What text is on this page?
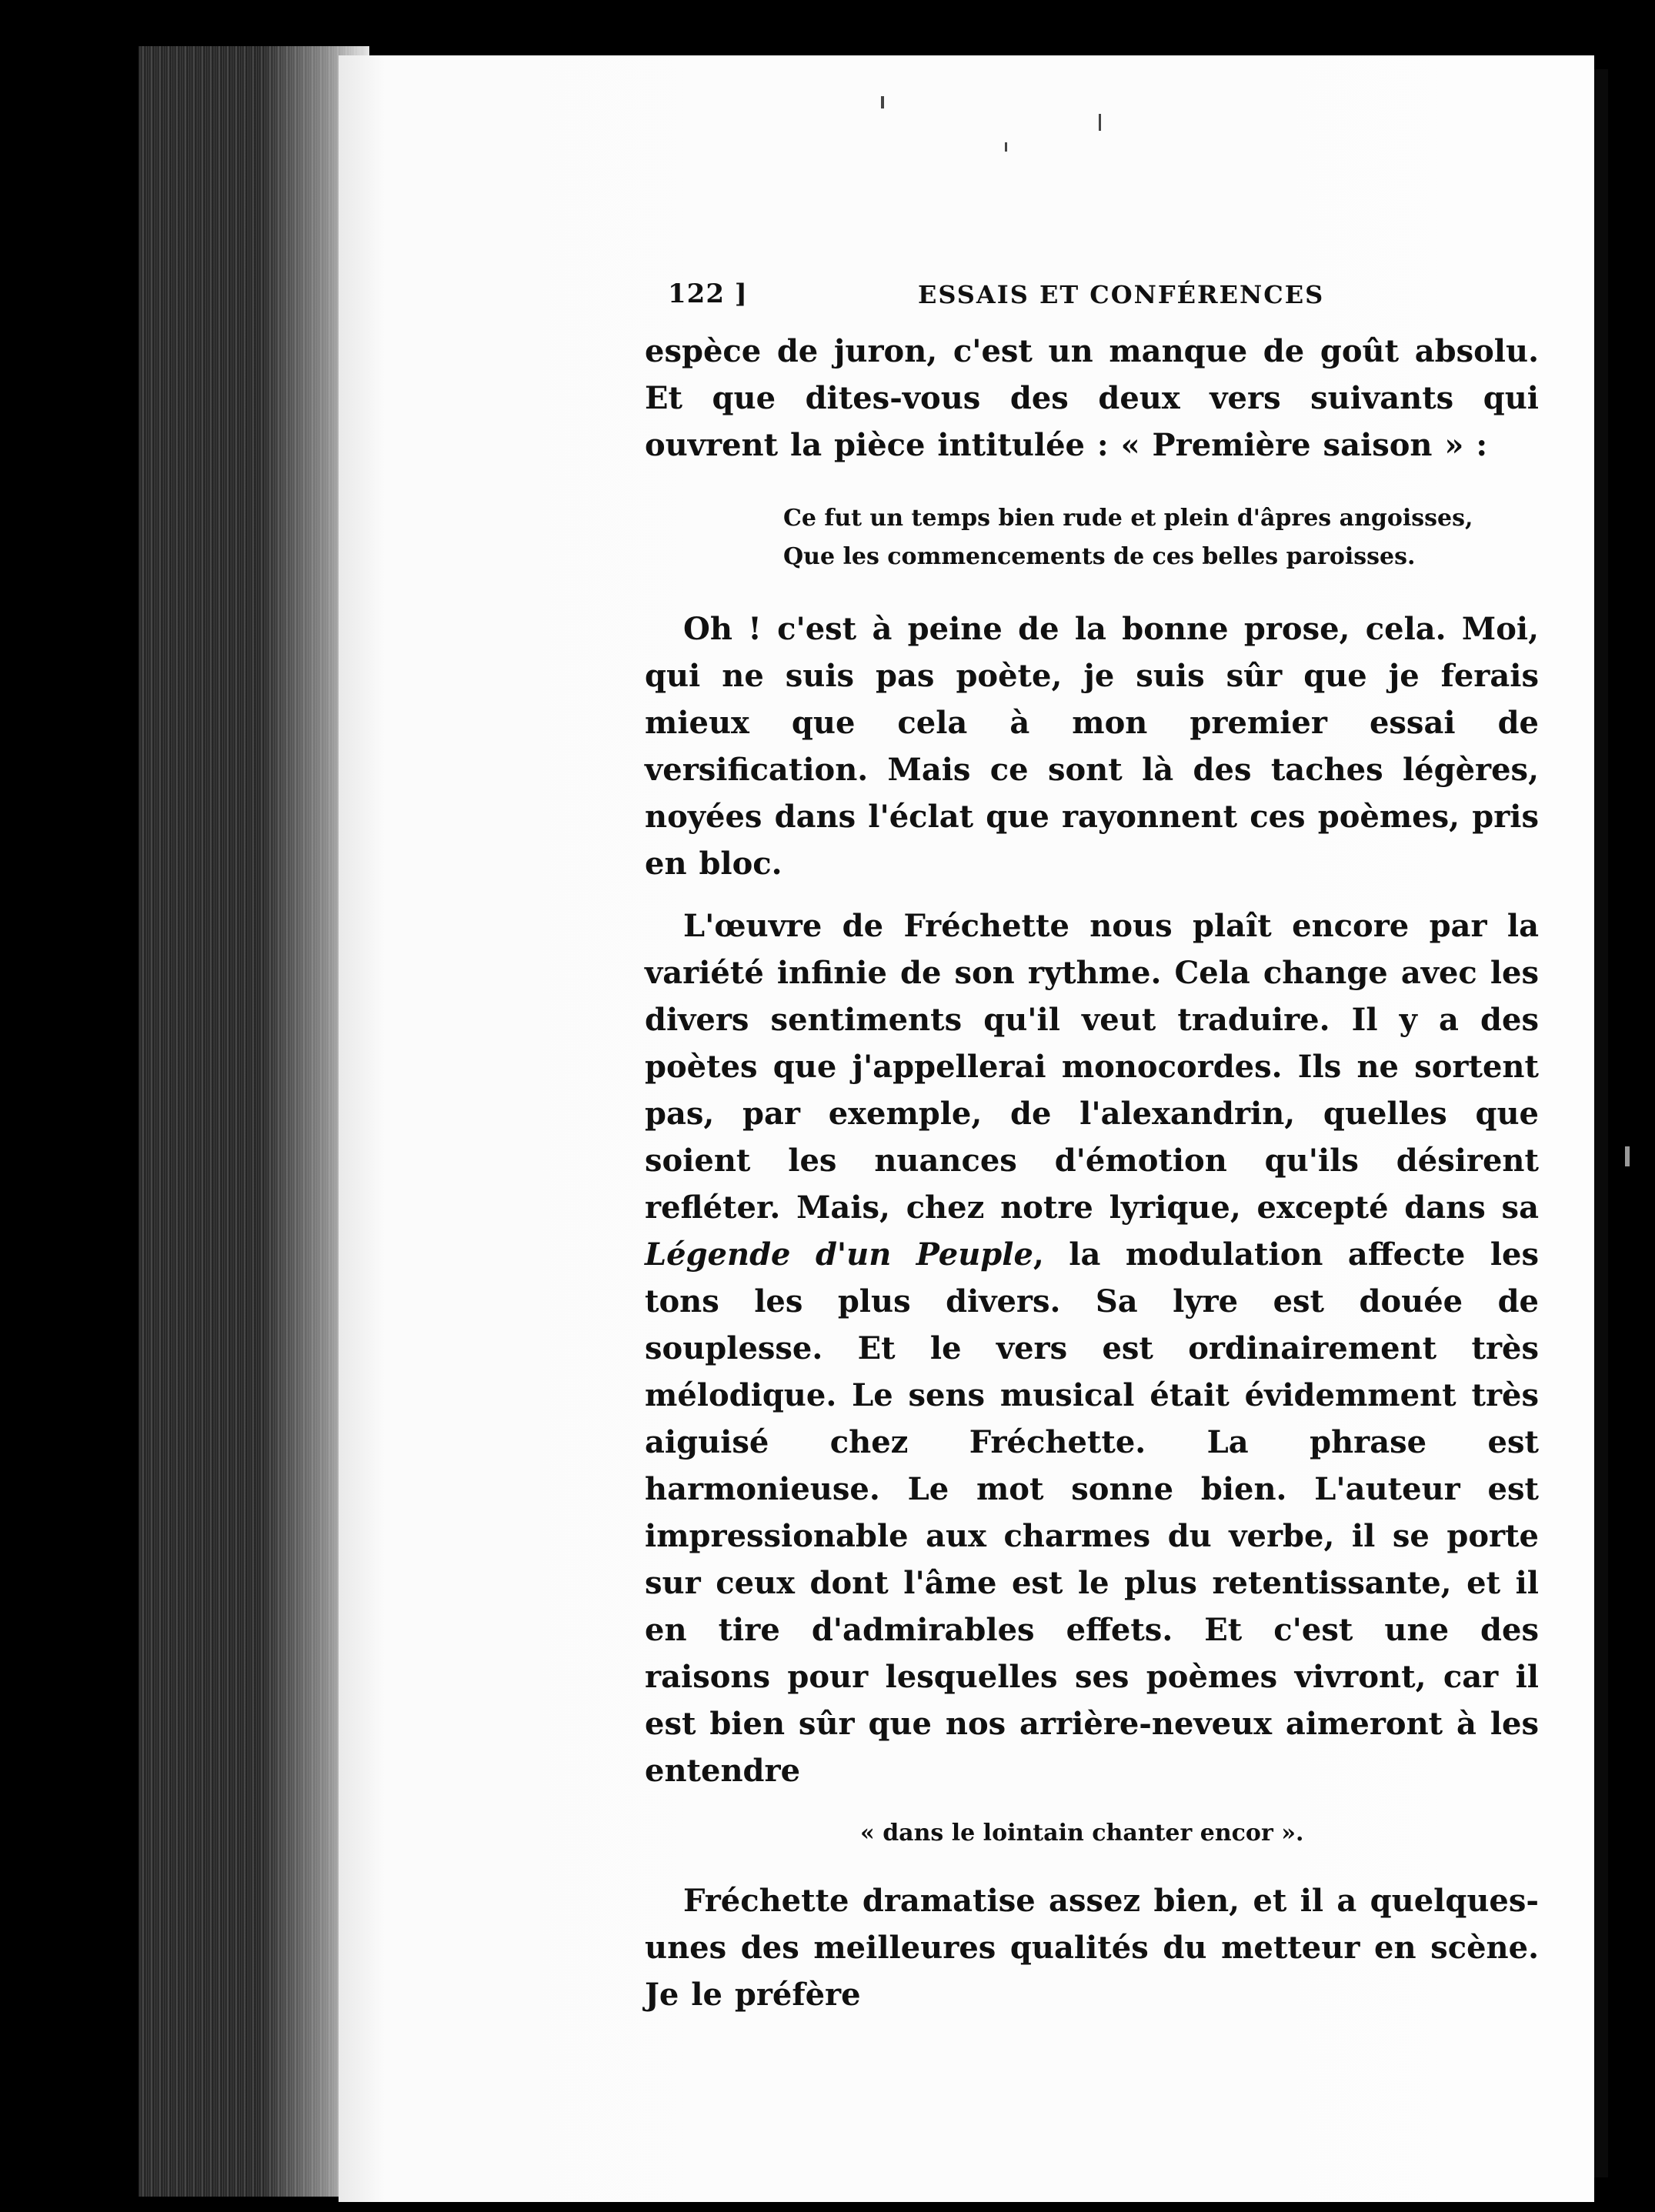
122 ]	ESSAIS ET CONFÉRENCES

espèce de juron, c'est un manque de goût absolu. Et que dites-vous des deux vers suivants qui ouvrent la pièce intitulée : « Première saison » :

Ce fut un temps bien rude et plein d'âpres angoisses,
Que les commencements de ces belles paroisses.

Oh ! c'est à peine de la bonne prose, cela. Moi, qui ne suis pas poète, je suis sûr que je ferais mieux que cela à mon premier essai de versification. Mais ce sont là des taches légères, noyées dans l'éclat que rayonnent ces poèmes, pris en bloc.

L'œuvre de Fréchette nous plaît encore par la variété infinie de son rythme. Cela change avec les divers sentiments qu'il veut traduire. Il y a des poètes que j'appellerai monocordes. Ils ne sortent pas, par exemple, de l'alexandrin, quelles que soient les nuances d'émotion qu'ils désirent refléter. Mais, chez notre lyrique, excepté dans sa Légende d'un Peuple, la modulation affecte les tons les plus divers. Sa lyre est douée de souplesse. Et le vers est ordinairement très mélodique. Le sens musical était évidemment très aiguisé chez Fréchette. La phrase est harmonieuse. Le mot sonne bien. L'auteur est impressionable aux charmes du verbe, il se porte sur ceux dont l'âme est le plus retentissante, et il en tire d'admirables effets. Et c'est une des raisons pour lesquelles ses poèmes vivront, car il est bien sûr que nos arrière-neveux aimeront à les entendre

« dans le lointain chanter encor ».

Fréchette dramatise assez bien, et il a quelques-unes des meilleures qualités du metteur en scène. Je le préfère
